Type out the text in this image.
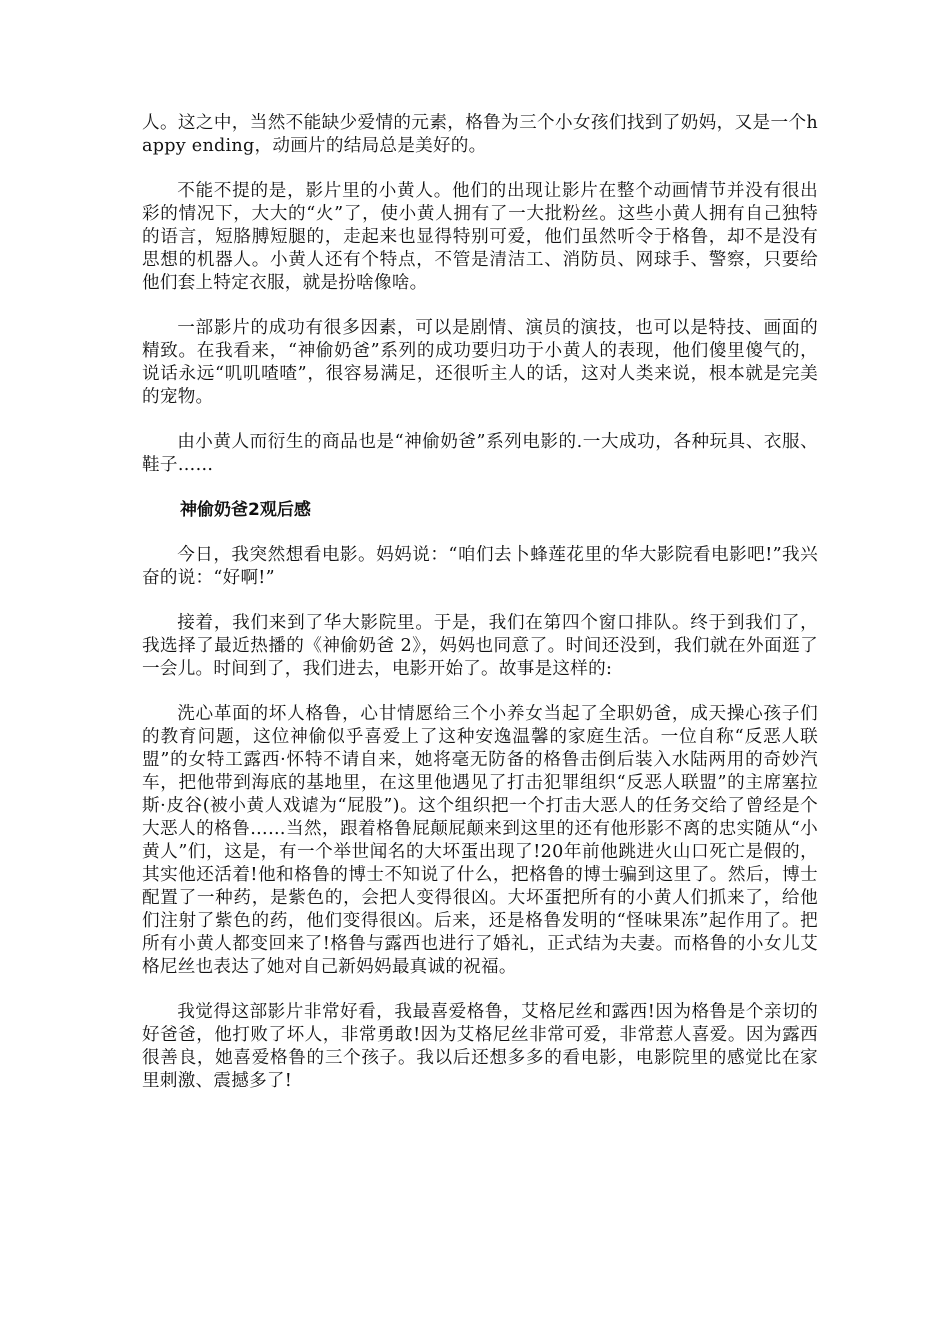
人。这之中，当然不能缺少爱情的元素，格鲁为三个小女孩们找到了奶妈，又是一个happy ending，动画片的结局总是美好的。

不能不提的是，影片里的小黄人。他们的出现让影片在整个动画情节并没有很出彩的情况下，大大的“火”了，使小黄人拥有了一大批粉丝。这些小黄人拥有自己独特的语言，短胳膊短腿的，走起来也显得特别可爱，他们虽然听令于格鲁，却不是没有思想的机器人。小黄人还有个特点，不管是清洁工、消防员、网球手、警察，只要给他们套上特定衣服，就是扮啥像啥。

一部影片的成功有很多因素，可以是剧情、演员的演技，也可以是特技、画面的精致。在我看来，“神偷奶爸”系列的成功要归功于小黄人的表现，他们傻里傻气的，说话永远“叽叽喳喳”，很容易满足，还很听主人的话，这对人类来说，根本就是完美的宠物。

由小黄人而衍生的商品也是“神偷奶爸”系列电影的.一大成功，各种玩具、衣服、鞋子……

神偷奶爸2观后感

今日，我突然想看电影。妈妈说：“咱们去卜蜂莲花里的华大影院看电影吧!”我兴奋的说：“好啊!”

接着，我们来到了华大影院里。于是，我们在第四个窗口排队。终于到我们了，我选择了最近热播的《神偷奶爸 2》，妈妈也同意了。时间还没到，我们就在外面逛了一会儿。时间到了，我们进去，电影开始了。故事是这样的:

洗心革面的坏人格鲁，心甘情愿给三个小养女当起了全职奶爸，成天操心孩子们的教育问题，这位神偷似乎喜爱上了这种安逸温馨的家庭生活。一位自称“反恶人联盟”的女特工露西·怀特不请自来，她将毫无防备的格鲁击倒后装入水陆两用的奇妙汽车，把他带到海底的基地里，在这里他遇见了打击犯罪组织“反恶人联盟”的主席塞拉斯·皮谷(被小黄人戏谑为“屁股”)。这个组织把一个打击大恶人的任务交给了曾经是个大恶人的格鲁……当然，跟着格鲁屁颠屁颠来到这里的还有他形影不离的忠实随从“小黄人”们，这是，有一个举世闻名的大坏蛋出现了!20年前他跳进火山口死亡是假的，其实他还活着!他和格鲁的博士不知说了什么，把格鲁的博士骗到这里了。然后，博士配置了一种药，是紫色的，会把人变得很凶。大坏蛋把所有的小黄人们抓来了，给他们注射了紫色的药，他们变得很凶。后来，还是格鲁发明的“怪味果冻”起作用了。把所有小黄人都变回来了!格鲁与露西也进行了婚礼，正式结为夫妻。而格鲁的小女儿艾格尼丝也表达了她对自己新妈妈最真诚的祝福。

我觉得这部影片非常好看，我最喜爱格鲁，艾格尼丝和露西!因为格鲁是个亲切的好爸爸，他打败了坏人，非常勇敢!因为艾格尼丝非常可爱，非常惹人喜爱。因为露西很善良，她喜爱格鲁的三个孩子。我以后还想多多的看电影，电影院里的感觉比在家里刺激、震撼多了!
